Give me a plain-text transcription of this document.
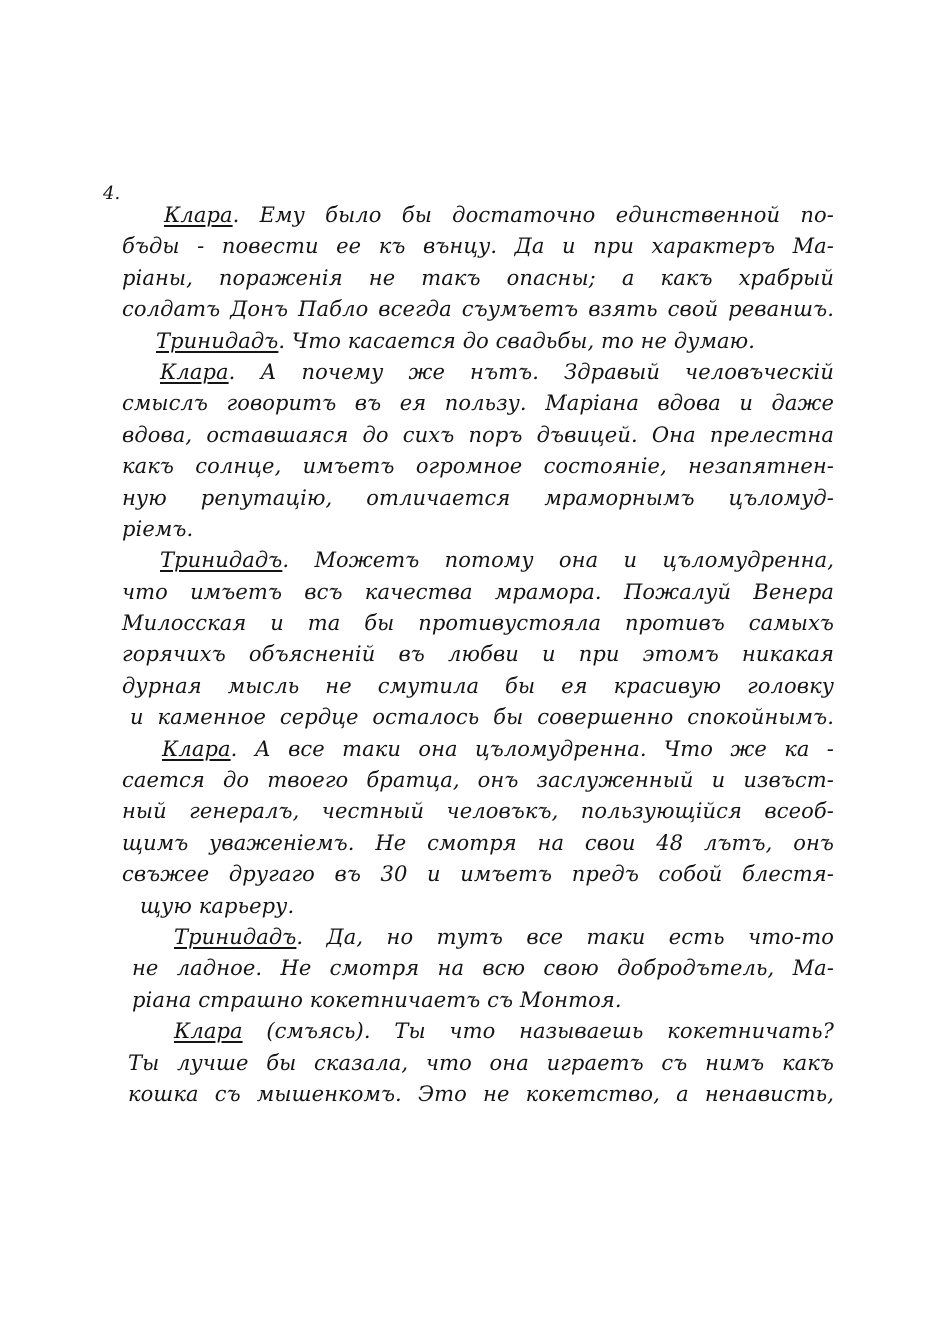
4.
Клара. Ему было бы достаточно единственной по-
бъды - повести ее къ вънцу. Да и при характеръ Ма-
ріаны, пораженія не такъ опасны; а какъ храбрый
солдатъ Донъ Пабло всегда съумъетъ взять свой реваншъ.
Тринидадъ. Что касается до свадьбы, то не думаю.
Клара. А почему же нътъ. Здравый человъческій
смыслъ говоритъ въ ея пользу. Маріана вдова и даже
вдова, оставшаяся до сихъ поръ дъвицей. Она прелестна
какъ солнце, имъетъ огромное состояніе, незапятнен-
ную репутацію, отличается мраморнымъ цъломуд-
ріемъ.
Тринидадъ. Можетъ потому она и цъломудренна,
что имъетъ всъ качества мрамора. Пожалуй Венера
Милосская и та бы противустояла противъ самыхъ
горячихъ объясненій въ любви и при этомъ никакая
дурная мысль не смутила бы ея красивую головку
и каменное сердце осталось бы совершенно спокойнымъ.
Клара. А все таки она цъломудренна. Что же ка -
сается до твоего братца, онъ заслуженный и извъст-
ный генералъ, честный человъкъ, пользующійся всеоб-
щимъ уваженіемъ. Не смотря на свои 48 лътъ, онъ
свъжее другаго въ 30 и имъетъ предъ собой блестя-
щую карьеру.
Тринидадъ. Да, но тутъ все таки есть что-то
не ладное. Не смотря на всю свою добродътель, Ма-
ріана страшно кокетничаетъ съ Монтоя.
Клара (смъясь). Ты что называешь кокетничать?
Ты лучше бы сказала, что она играетъ съ нимъ какъ
кошка съ мышенкомъ. Это не кокетство, а ненависть,
